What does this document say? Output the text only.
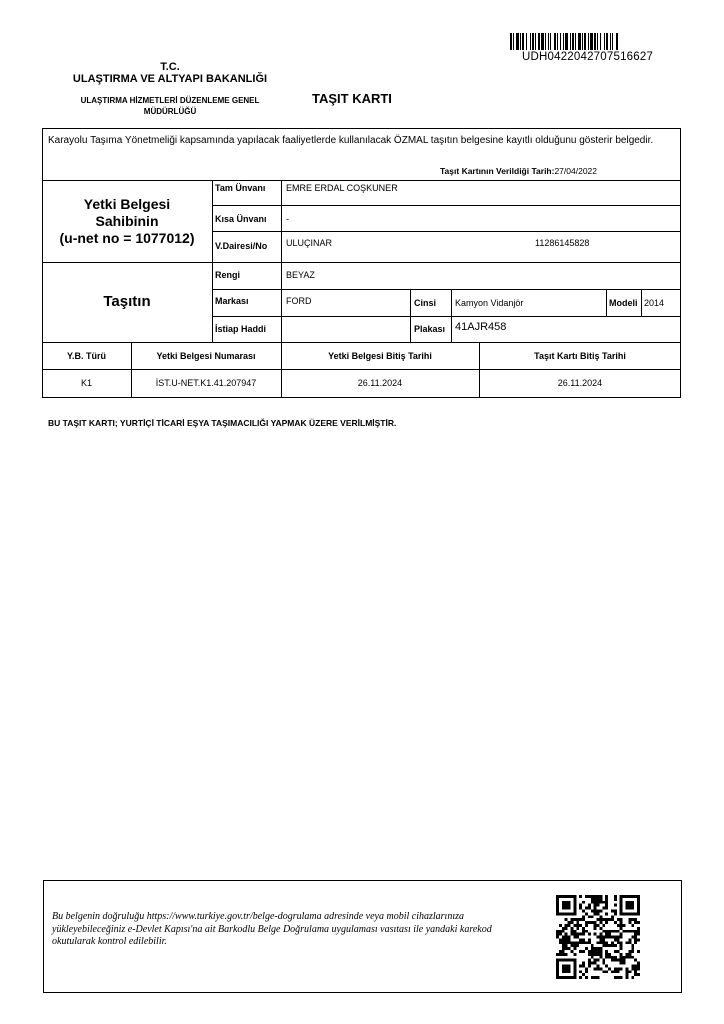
UDH0422042707516627
T.C.
ULAŞTIRMA VE ALTYAPI BAKANLIĞI
ULAŞTIRMA HİZMETLERİ DÜZENLEME GENEL
MÜDÜRLÜĞÜ
TAŞIT KARTI
Karayolu Taşıma Yönetmeliği kapsamında yapılacak faaliyetlerde kullanılacak ÖZMAL taşıtın belgesine kayıtlı olduğunu gösterir belgedir.
Taşıt Kartının Verildiği Tarih:27/04/2022
Yetki Belgesi
Sahibinin
(u-net no = 1077012)
Tam Ünvanı EMRE ERDAL COŞKUNER
Kısa Ünvanı -
V.Dairesi/No ULUÇINAR	11286145828
Taşıtın
Rengi	BEYAZ
Markası	FORD	Cinsi Kamyon Vidanjör	Modeli 2014
İstiap Haddi	Plakası 41AJR458
Y.B. Türü	Yetki Belgesi Numarası	Yetki Belgesi Bitiş Tarihi	Taşıt Kartı Bitiş Tarihi
K1	İST.U-NET.K1.41.207947	26.11.2024	26.11.2024
BU TAŞIT KARTI; YURTİÇİ TİCARİ EŞYA TAŞIMACILIĞI YAPMAK ÜZERE VERİLMİŞTİR.
Bu belgenin doğruluğu https://www.turkiye.gov.tr/belge-dogrulama adresinde veya mobil cihazlarınıza yükleyebileceğiniz e-Devlet Kapısı'na ait Barkodlu Belge Doğrulama uygulaması vasıtası ile yandaki karekod okutularak kontrol edilebilir.
